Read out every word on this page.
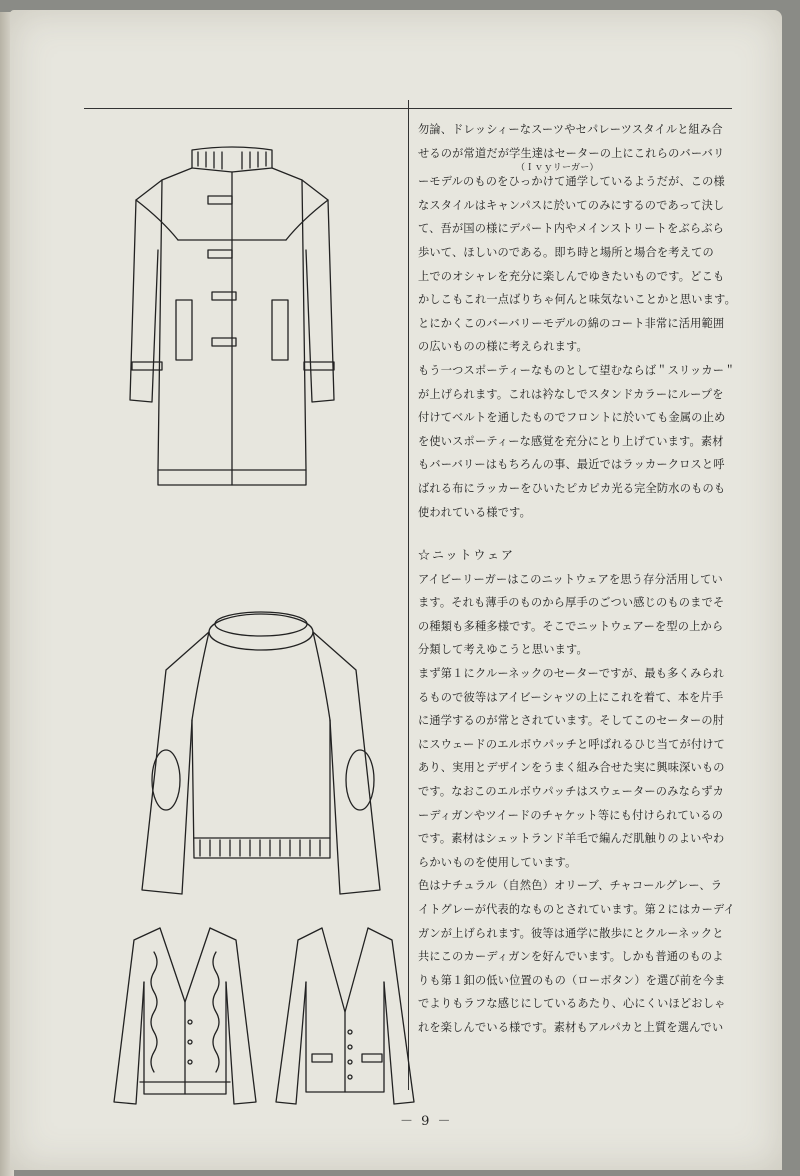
勿論、ドレッシィーなスーツやセパレーツスタイルと組み合

せるのが常道だが学生達はセーターの上にこれらのバーバリ

（Ｉｖｙリーガー）

ーモデルのものをひっかけて通学しているようだが、この様

なスタイルはキャンパスに於いてのみにするのであって決し

て、吾が国の様にデパート内やメインストリートをぶらぶら

歩いて、ほしいのである。即ち時と場所と場合を考えての

上でのオシャレを充分に楽しんでゆきたいものです。どこも

かしこもこれ一点ばりちゃ何んと味気ないことかと思います。

とにかくこのバーバリーモデルの綿のコート非常に活用範囲

の広いものの様に考えられます。

もう一つスポーティーなものとして望むならば＂スリッカー＂

が上げられます。これは衿なしでスタンドカラーにループを

付けてベルトを通したものでフロントに於いても金属の止め

を使いスポーティーな感覚を充分にとり上げています。素材

もバーバリーはもちろんの事、最近ではラッカークロスと呼

ばれる布にラッカーをひいたピカピカ光る完全防水のものも

使われている様です。

☆ニットウェア

アイビーリーガーはこのニットウェアを思う存分活用してい

ます。それも薄手のものから厚手のごつい感じのものまでそ

の種類も多種多様です。そこでニットウェアーを型の上から

分類して考えゆこうと思います。

まず第１にクルーネックのセーターですが、最も多くみられ

るもので彼等はアイビーシャツの上にこれを着て、本を片手

に通学するのが常とされています。そしてこのセーターの肘

にスウェードのエルボウパッチと呼ばれるひじ当てが付けて

あり、実用とデザインをうまく組み合せた実に興味深いもの

です。なおこのエルボウパッチはスウェーターのみならずカ

ーディガンやツイードのチャケット等にも付けられているの

です。素材はシェットランド羊毛で編んだ肌触りのよいやわ

らかいものを使用しています。

色はナチュラル（自然色）オリーブ、チャコールグレー、ラ

イトグレーが代表的なものとされています。第２にはカーデイ

ガンが上げられます。彼等は通学に散歩にとクルーネックと

共にこのカーディガンを好んでいます。しかも普通のものよ

りも第１釦の低い位置のもの（ローボタン）を選び前を今ま

でよりもラフな感じにしているあたり、心にくいほどおしゃ

れを楽しんでいる様です。素材もアルパカと上質を選んでい

－ 9 －
